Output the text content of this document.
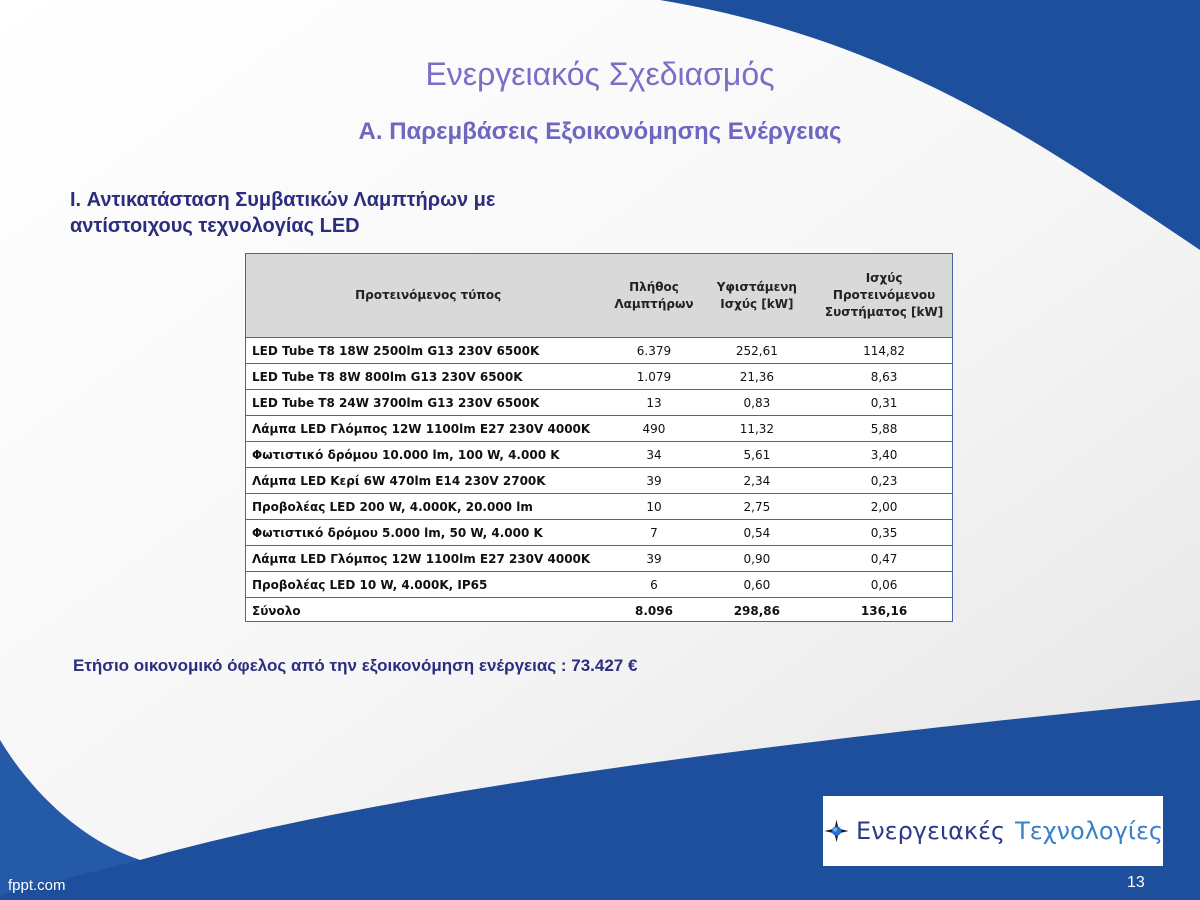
Ενεργειακός Σχεδιασμός
Α. Παρεμβάσεις Εξοικονόμησης Ενέργειας
I. Αντικατάσταση Συμβατικών Λαμπτήρων με
αντίστοιχους τεχνολογίας LED
Προτεινόμενος τύπος	Πλήθος Λαμπτήρων	Υφιστάμενη Ισχύς [kW]	Ισχύς Προτεινόμενου Συστήματος [kW]
LED Tube T8 18W 2500lm G13 230V 6500K	6.379	252,61	114,82
LED Tube T8 8W 800lm G13 230V 6500K	1.079	21,36	8,63
LED Tube T8 24W 3700lm G13 230V 6500K	13	0,83	0,31
Λάμπα LED Γλόμπος 12W 1100lm E27 230V 4000K	490	11,32	5,88
Φωτιστικό δρόμου 10.000 lm, 100 W, 4.000 K	34	5,61	3,40
Λάμπα LED Κερί 6W 470lm E14 230V 2700K	39	2,34	0,23
Προβολέας LED 200 W, 4.000K, 20.000 lm	10	2,75	2,00
Φωτιστικό δρόμου 5.000 lm, 50 W, 4.000 K	7	0,54	0,35
Λάμπα LED Γλόμπος 12W 1100lm E27 230V 4000K	39	0,90	0,47
Προβολέας LED 10 W, 4.000K, IP65	6	0,60	0,06
Σύνολο	8.096	298,86	136,16
Ετήσιο οικονομικό όφελος από την εξοικονόμηση ενέργειας : 73.427 €
Ενεργειακές Τεχνολογίες
fppt.com	13
